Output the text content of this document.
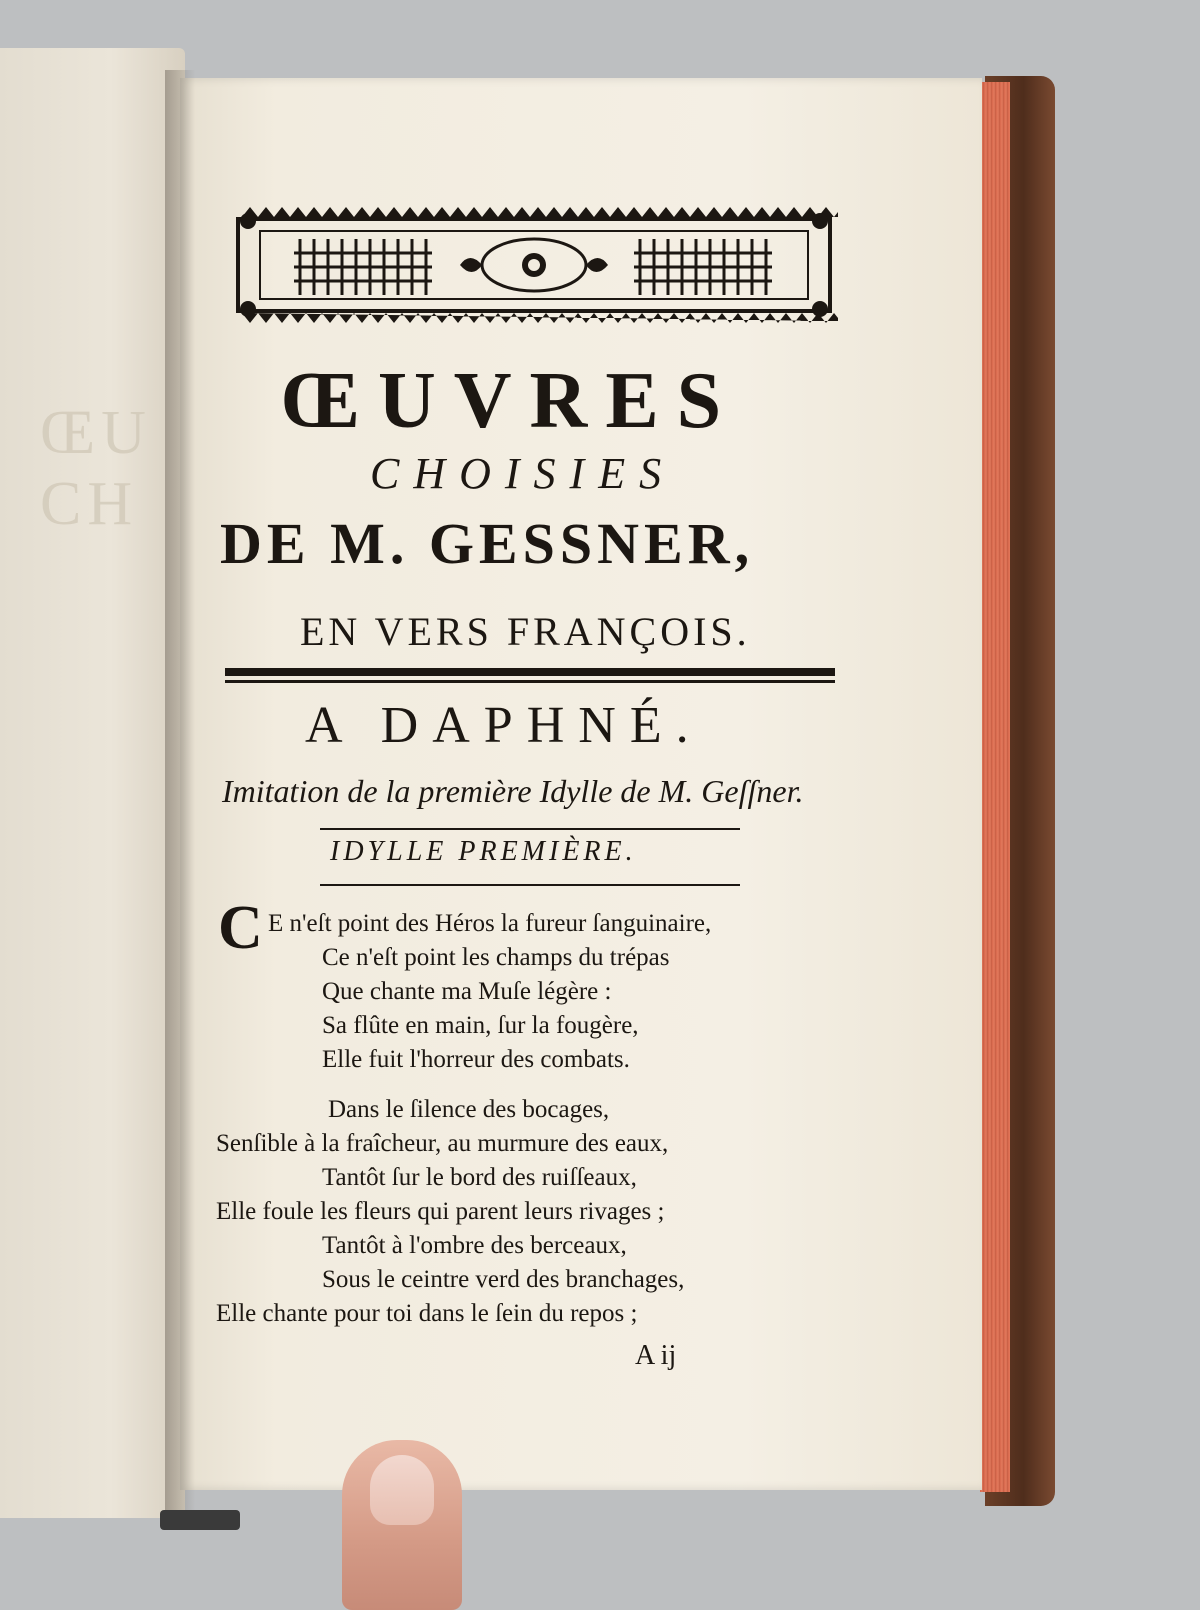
ŒU
CH
ŒUVRES
CHOISIES
DE M. GESSNER,
EN VERS FRANÇOIS.
A DAPHNÉ.
Imitation de la première Idylle de M. Geſſner.
IDYLLE PREMIÈRE.
C E n'eſt point des Héros la fureur ſanguinaire,
Ce n'eſt point les champs du trépas
Que chante ma Muſe légère :
Sa flûte en main, ſur la fougère,
Elle fuit l'horreur des combats.
Dans le ſilence des bocages,
Senſible à la fraîcheur, au murmure des eaux,
Tantôt ſur le bord des ruiſſeaux,
Elle foule les fleurs qui parent leurs rivages ;
Tantôt à l'ombre des berceaux,
Sous le ceintre verd des branchages,
Elle chante pour toi dans le ſein du repos ;
A ij
